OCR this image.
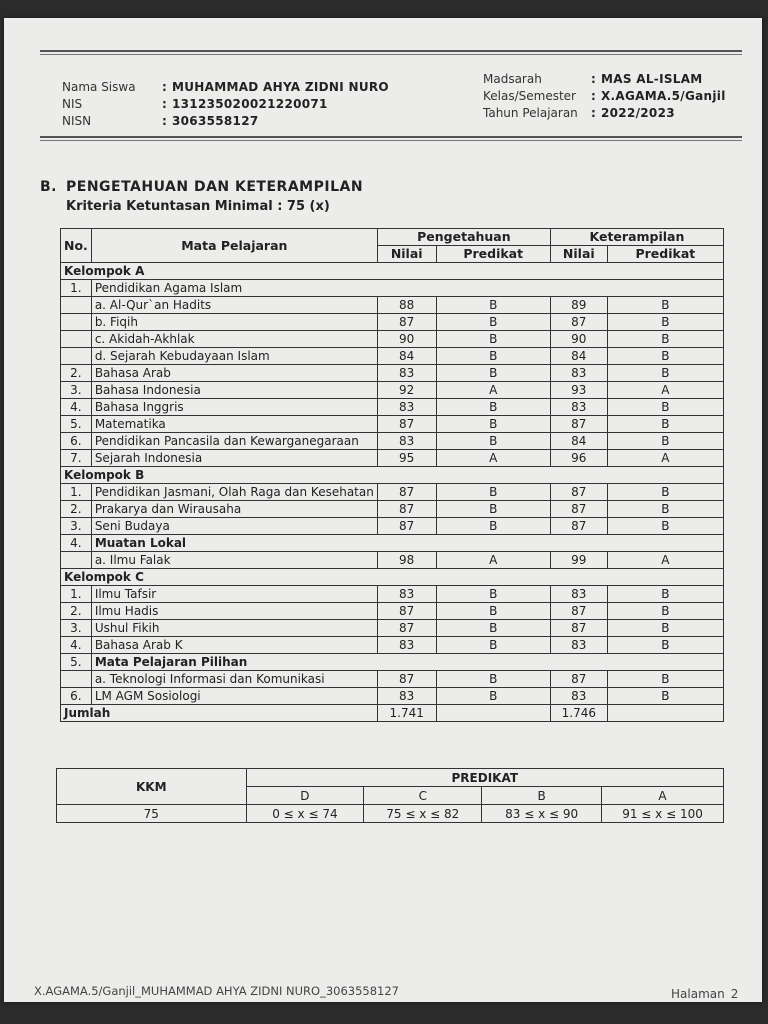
Nama Siswa : MUHAMMAD AHYA ZIDNI NURO
NIS	: 131235020021220071
NISN	: 3063558127
Madsarah	: MAS AL-ISLAM
Kelas/Semester : X.AGAMA.5/Ganjil
Tahun Pelajaran : 2022/2023
B. PENGETAHUAN DAN KETERAMPILAN
Kriteria Ketuntasan Minimal : 75 (x)
No.	Mata Pelajaran	Pengetahuan		Keterampilan	
		Nilai	Predikat	Nilai	Predikat
Kelompok A					
1.	Pendidikan Agama Islam				
	a. Al-Qur`an Hadits	88	B	89	B
	b. Fiqih	87	B	87	B
	c. Akidah-Akhlak	90	B	90	B
	d. Sejarah Kebudayaan Islam	84	B	84	B
2.	Bahasa Arab	83	B	83	B
3.	Bahasa Indonesia	92	A	93	A
4.	Bahasa Inggris	83	B	83	B
5.	Matematika	87	B	87	B
6.	Pendidikan Pancasila dan Kewarganegaraan	83	B	84	B
7.	Sejarah Indonesia	95	A	96	A
Kelompok B					
1.	Pendidikan Jasmani, Olah Raga dan Kesehatan	87	B	87	B
2.	Prakarya dan Wirausaha	87	B	87	B
3.	Seni Budaya	87	B	87	B
4.	Muatan Lokal				
	a. Ilmu Falak	98	A	99	A
Kelompok C					
1.	Ilmu Tafsir	83	B	83	B
2.	Ilmu Hadis	87	B	87	B
3.	Ushul Fikih	87	B	87	B
4.	Bahasa Arab K	83	B	83	B
5.	Mata Pelajaran Pilihan				
	a. Teknologi Informasi dan Komunikasi	87	B	87	B
6.	LM AGM Sosiologi	83	B	83	B
Jumlah		1.741		1.746	
KKM	PREDIKAT			
	D	C	B	A
75	0 ≤ x ≤ 74	75 ≤ x ≤ 82	83 ≤ x ≤ 90	91 ≤ x ≤ 100
X.AGAMA.5/Ganjil_MUHAMMAD AHYA ZIDNI NURO_3063558127	Halaman 2
